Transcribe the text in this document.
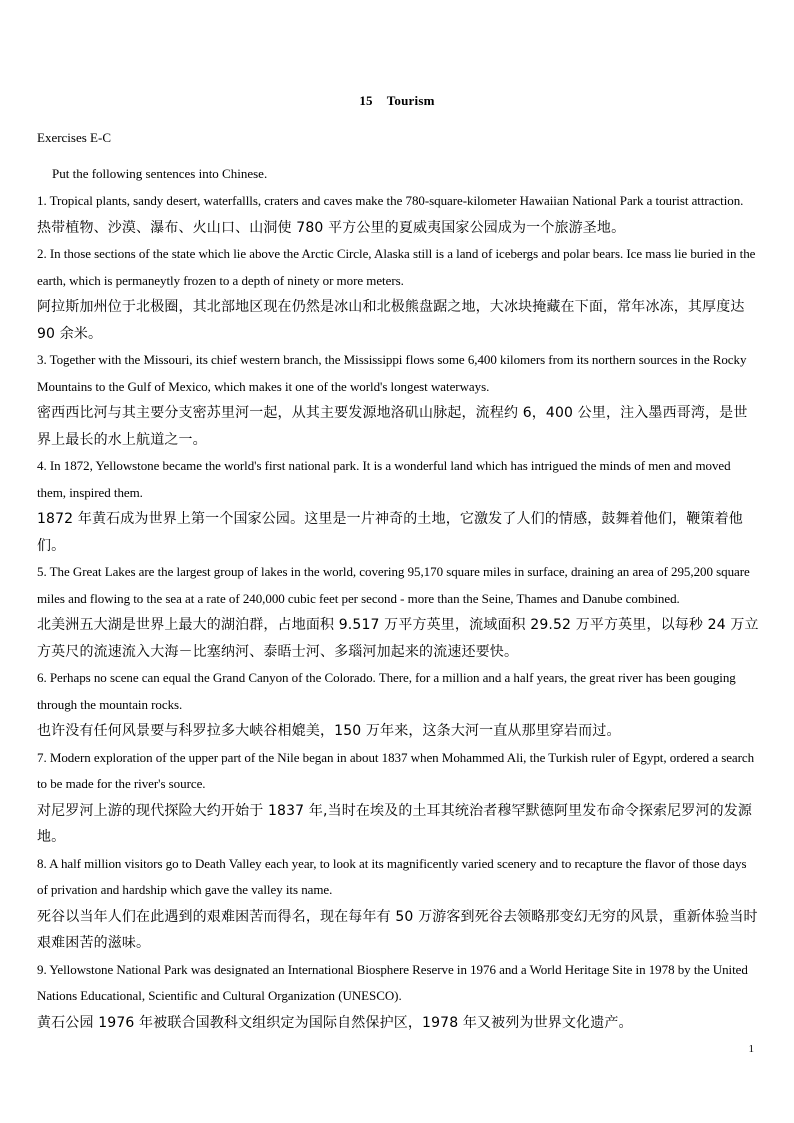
15 Tourism
Exercises E-C
Put the following sentences into Chinese.

1. Tropical plants, sandy desert, waterfallls, craters and caves make the 780-square-kilometer Hawaiian National Park a tourist attraction.

热带植物、沙漠、瀑布、火山口、山洞使 780 平方公里的夏威夷国家公园成为一个旅游圣地。

2. In those sections of the state which lie above the Arctic Circle, Alaska still is a land of icebergs and polar bears. Ice mass lie buried in the earth, which is permaneytly frozen to a depth of ninety or more meters.

阿拉斯加州位于北极圈，其北部地区现在仍然是冰山和北极熊盘踞之地，大冰块掩藏在下面，常年冰冻，其厚度达 90 余米。

3. Together with the Missouri, its chief western branch, the Mississippi flows some 6,400 kilomers from its northern sources in the Rocky Mountains to the Gulf of Mexico, which makes it one of the world's longest waterways.

密西西比河与其主要分支密苏里河一起，从其主要发源地洛矶山脉起，流程约 6，400 公里，注入墨西哥湾，是世界上最长的水上航道之一。

4. In 1872, Yellowstone became the world's first national park. It is a wonderful land which has intrigued the minds of men and moved them, inspired them.

1872 年黄石成为世界上第一个国家公园。这里是一片神奇的土地，它激发了人们的情感，鼓舞着他们，鞭策着他们。

5. The Great Lakes are the largest group of lakes in the world, covering 95,170 square miles in surface, draining an area of 295,200 square miles and flowing to the sea at a rate of 240,000 cubic feet per second - more than the Seine, Thames and Danube combined.

北美洲五大湖是世界上最大的湖泊群，占地面积 9.517 万平方英里，流域面积 29.52 万平方英里，以每秒 24 万立方英尺的流速流入大海－比塞纳河、泰晤士河、多瑙河加起来的流速还要快。

6. Perhaps no scene can equal the Grand Canyon of the Colorado. There, for a million and a half years, the great river has been gouging through the mountain rocks.

也许没有任何风景要与科罗拉多大峡谷相媲美，150 万年来，这条大河一直从那里穿岩而过。

7. Modern exploration of the upper part of the Nile began in about 1837 when Mohammed Ali, the Turkish ruler of Egypt, ordered a search to be made for the river's source.

对尼罗河上游的现代探险大约开始于 1837 年,当时在埃及的土耳其统治者穆罕默德阿里发布命令探索尼罗河的发源地。

8. A half million visitors go to Death Valley each year, to look at its magnificently varied scenery and to recapture the flavor of those days of privation and hardship which gave the valley its name.

死谷以当年人们在此遇到的艰难困苦而得名，现在每年有 50 万游客到死谷去领略那变幻无穷的风景，重新体验当时艰难困苦的滋味。

9. Yellowstone National Park was designated an International Biosphere Reserve in 1976 and a World Heritage Site in 1978 by the United Nations Educational, Scientific and Cultural Organization (UNESCO).

黄石公园 1976 年被联合国教科文组织定为国际自然保护区，1978 年又被列为世界文化遗产。

1
